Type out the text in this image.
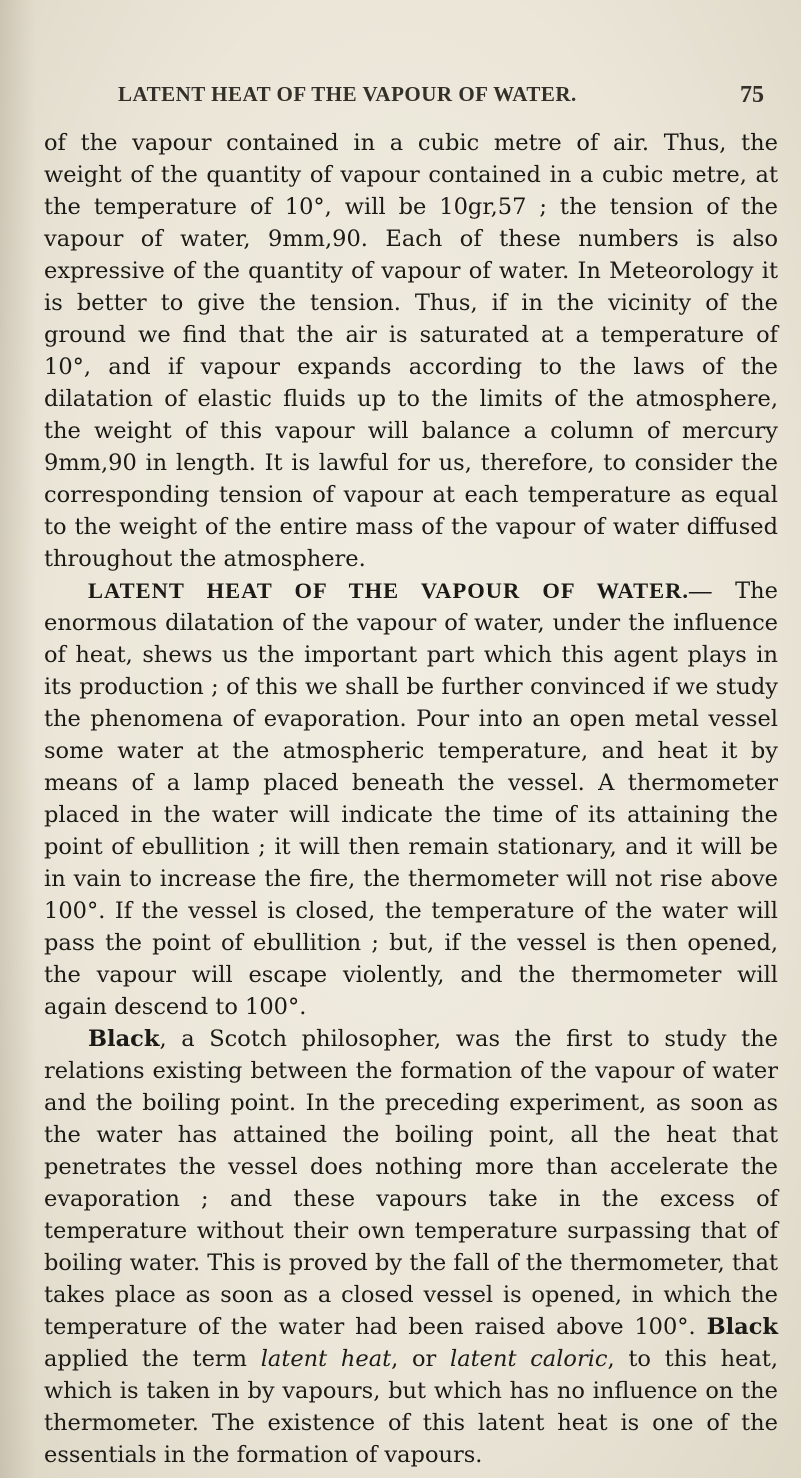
LATENT HEAT OF THE VAPOUR OF WATER.	75

of the vapour contained in a cubic metre of air. Thus, the weight of the quantity of vapour contained in a cubic metre, at the temperature of 10°, will be 10gr,57 ; the tension of the vapour of water, 9mm,90. Each of these numbers is also expressive of the quantity of vapour of water. In Meteorology it is better to give the tension. Thus, if in the vicinity of the ground we find that the air is saturated at a temperature of 10°, and if vapour expands according to the laws of the dilatation of elastic fluids up to the limits of the atmosphere, the weight of this vapour will balance a column of mercury 9mm,90 in length. It is lawful for us, therefore, to consider the corresponding tension of vapour at each temperature as equal to the weight of the entire mass of the vapour of water diffused throughout the atmosphere.

LATENT HEAT OF THE VAPOUR OF WATER.— The enormous dilatation of the vapour of water, under the influence of heat, shews us the important part which this agent plays in its production ; of this we shall be further convinced if we study the phenomena of evaporation. Pour into an open metal vessel some water at the atmospheric temperature, and heat it by means of a lamp placed beneath the vessel. A thermometer placed in the water will indicate the time of its attaining the point of ebullition ; it will then remain stationary, and it will be in vain to increase the fire, the thermometer will not rise above 100°. If the vessel is closed, the temperature of the water will pass the point of ebullition ; but, if the vessel is then opened, the vapour will escape violently, and the thermometer will again descend to 100°.

Black, a Scotch philosopher, was the first to study the relations existing between the formation of the vapour of water and the boiling point. In the preceding experiment, as soon as the water has attained the boiling point, all the heat that penetrates the vessel does nothing more than accelerate the evaporation ; and these vapours take in the excess of temperature without their own temperature surpassing that of boiling water. This is proved by the fall of the thermometer, that takes place as soon as a closed vessel is opened, in which the temperature of the water had been raised above 100°. Black applied the term latent heat, or latent caloric, to this heat, which is taken in by vapours, but which has no influence on the thermometer. The existence of this latent heat is one of the essentials in the formation of vapours.
